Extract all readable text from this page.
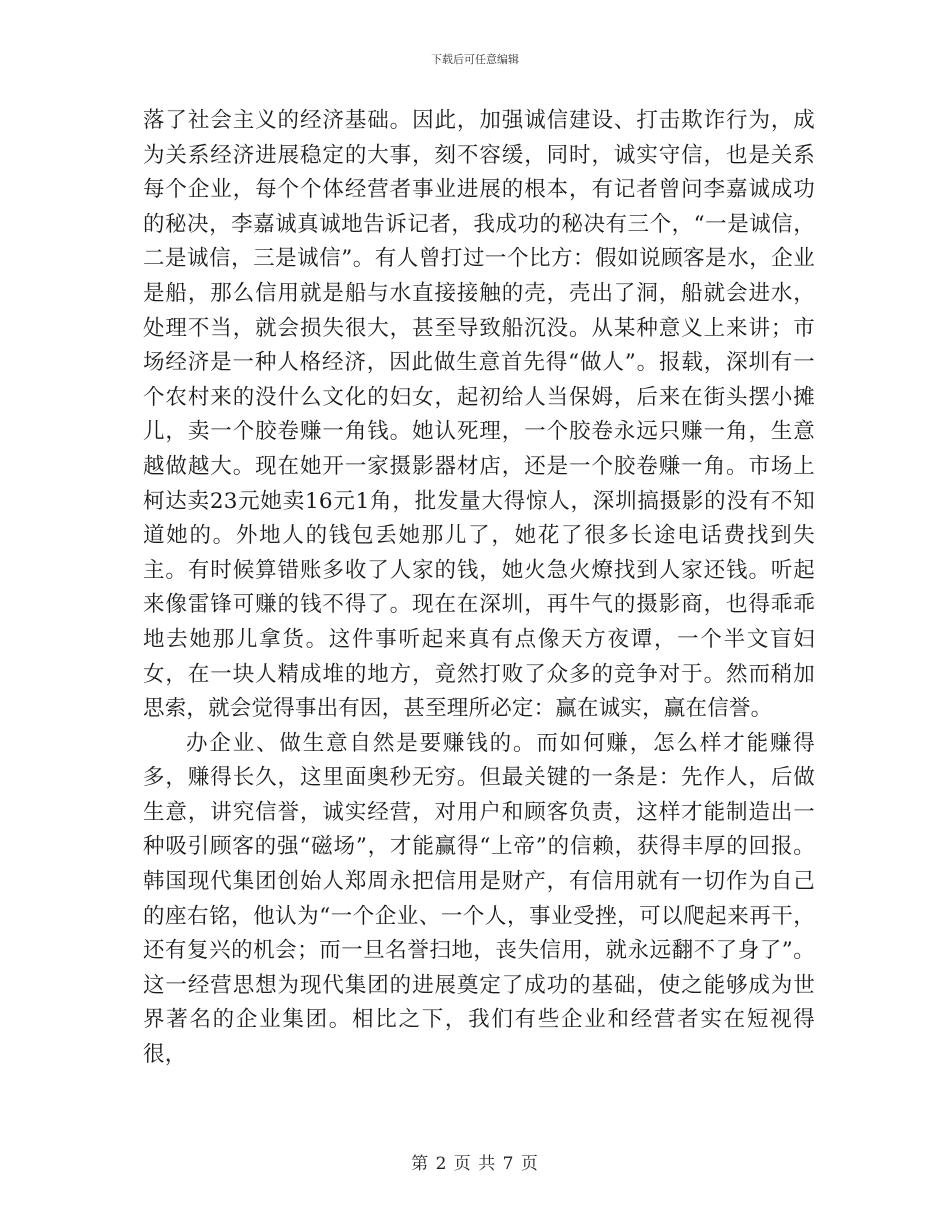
下载后可任意编辑

落了社会主义的经济基础。因此，加强诚信建设、打击欺诈行为，成为关系经济进展稳定的大事，刻不容缓，同时，诚实守信，也是关系每个企业，每个个体经营者事业进展的根本，有记者曾问李嘉诚成功的秘决，李嘉诚真诚地告诉记者，我成功的秘决有三个，“一是诚信，二是诚信，三是诚信”。有人曾打过一个比方：假如说顾客是水，企业是船，那么信用就是船与水直接接触的壳，壳出了洞，船就会进水，处理不当，就会损失很大，甚至导致船沉没。从某种意义上来讲；市场经济是一种人格经济，因此做生意首先得“做人”。报载，深圳有一个农村来的没什么文化的妇女，起初给人当保姆，后来在街头摆小摊儿，卖一个胶卷赚一角钱。她认死理，一个胶卷永远只赚一角，生意越做越大。现在她开一家摄影器材店，还是一个胶卷赚一角。市场上柯达卖23元她卖16元1角，批发量大得惊人，深圳搞摄影的没有不知道她的。外地人的钱包丢她那儿了，她花了很多长途电话费找到失主。有时候算错账多收了人家的钱，她火急火燎找到人家还钱。听起来像雷锋可赚的钱不得了。现在在深圳，再牛气的摄影商，也得乖乖地去她那儿拿货。这件事听起来真有点像天方夜谭，一个半文盲妇女，在一块人精成堆的地方，竟然打败了众多的竞争对于。然而稍加思索，就会觉得事出有因，甚至理所必定：赢在诚实，赢在信誉。

办企业、做生意自然是要赚钱的。而如何赚，怎么样才能赚得多，赚得长久，这里面奥秒无穷。但最关键的一条是：先作人，后做生意，讲究信誉，诚实经营，对用户和顾客负责，这样才能制造出一种吸引顾客的强“磁场”，才能赢得“上帝”的信赖，获得丰厚的回报。韩国现代集团创始人郑周永把信用是财产，有信用就有一切作为自己的座右铭，他认为“一个企业、一个人，事业受挫，可以爬起来再干，还有复兴的机会；而一旦名誉扫地，丧失信用，就永远翻不了身了”。这一经营思想为现代集团的进展奠定了成功的基础，使之能够成为世界著名的企业集团。相比之下，我们有些企业和经营者实在短视得很，

第 2 页 共 7 页
